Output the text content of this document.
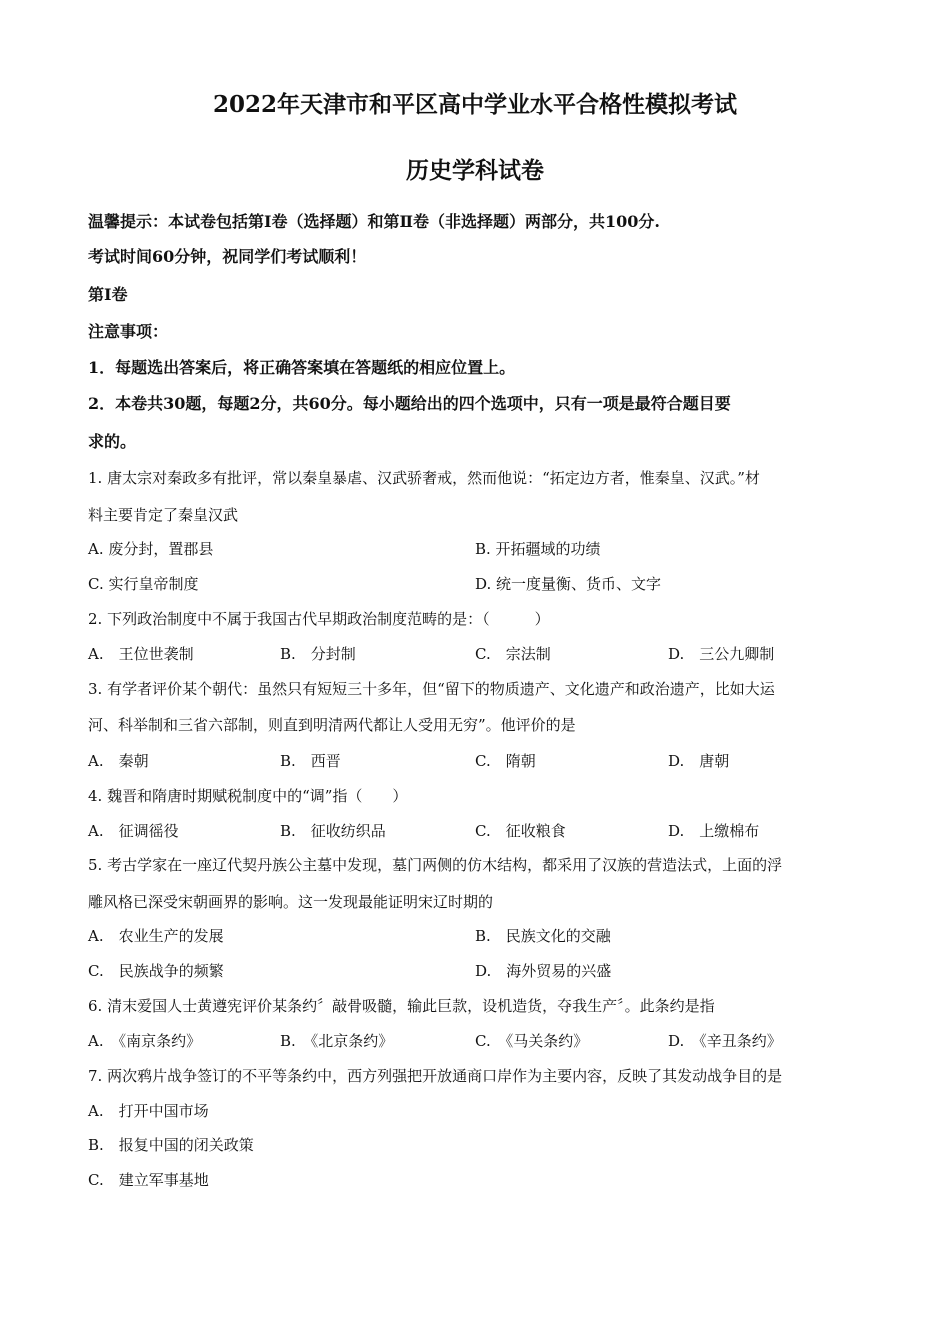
2022年天津市和平区高中学业水平合格性模拟考试
历史学科试卷
温馨提示：本试卷包括第Ⅰ卷（选择题）和第Ⅱ卷（非选择题）两部分，共100分.
考试时间60分钟，祝同学们考试顺利！
第Ⅰ卷
注意事项：
1．每题选出答案后，将正确答案填在答题纸的相应位置上。
2．本卷共30题，每题2分，共60分。每小题给出的四个选项中，只有一项是最符合题目要
求的。
1. 唐太宗对秦政多有批评，常以秦皇暴虐、汉武骄奢戒，然而他说：“拓定边方者，惟秦皇、汉武。”材
料主要肯定了秦皇汉武
A. 废分封，置郡县	B. 开拓疆域的功绩
C. 实行皇帝制度	D. 统一度量衡、货币、文字
2. 下列政治制度中不属于我国古代早期政治制度范畴的是：（　　　）
A.　王位世袭制	B.　分封制	C.　宗法制	D.　三公九卿制
3. 有学者评价某个朝代：虽然只有短短三十多年，但“留下的物质遗产、文化遗产和政治遗产，比如大运
河、科举制和三省六部制，则直到明清两代都让人受用无穷”。他评价的是
A.　秦朝	B.　西晋	C.　隋朝	D.　唐朝
4. 魏晋和隋唐时期赋税制度中的“调”指（　　）
A.　征调徭役	B.　征收纺织品	C.　征收粮食	D.　上缴棉布
5. 考古学家在一座辽代契丹族公主墓中发现，墓门两侧的仿木结构，都采用了汉族的营造法式，上面的浮
雕风格已深受宋朝画界的影响。这一发现最能证明宋辽时期的
A.　农业生产的发展	B.　民族文化的交融
C.　民族战争的频繁	D.　海外贸易的兴盛
6. 清末爱国人士黄遵宪评价某条约〞敲骨吸髓，输此巨款，设机造货，夺我生产〞。此条约是指
A.　《南京条约》	B.　《北京条约》	C.　《马关条约》	D.　《辛丑条约》
7. 两次鸦片战争签订的不平等条约中，西方列强把开放通商口岸作为主要内容，反映了其发动战争目的是
A.　打开中国市场
B.　报复中国的闭关政策
C.　建立军事基地
